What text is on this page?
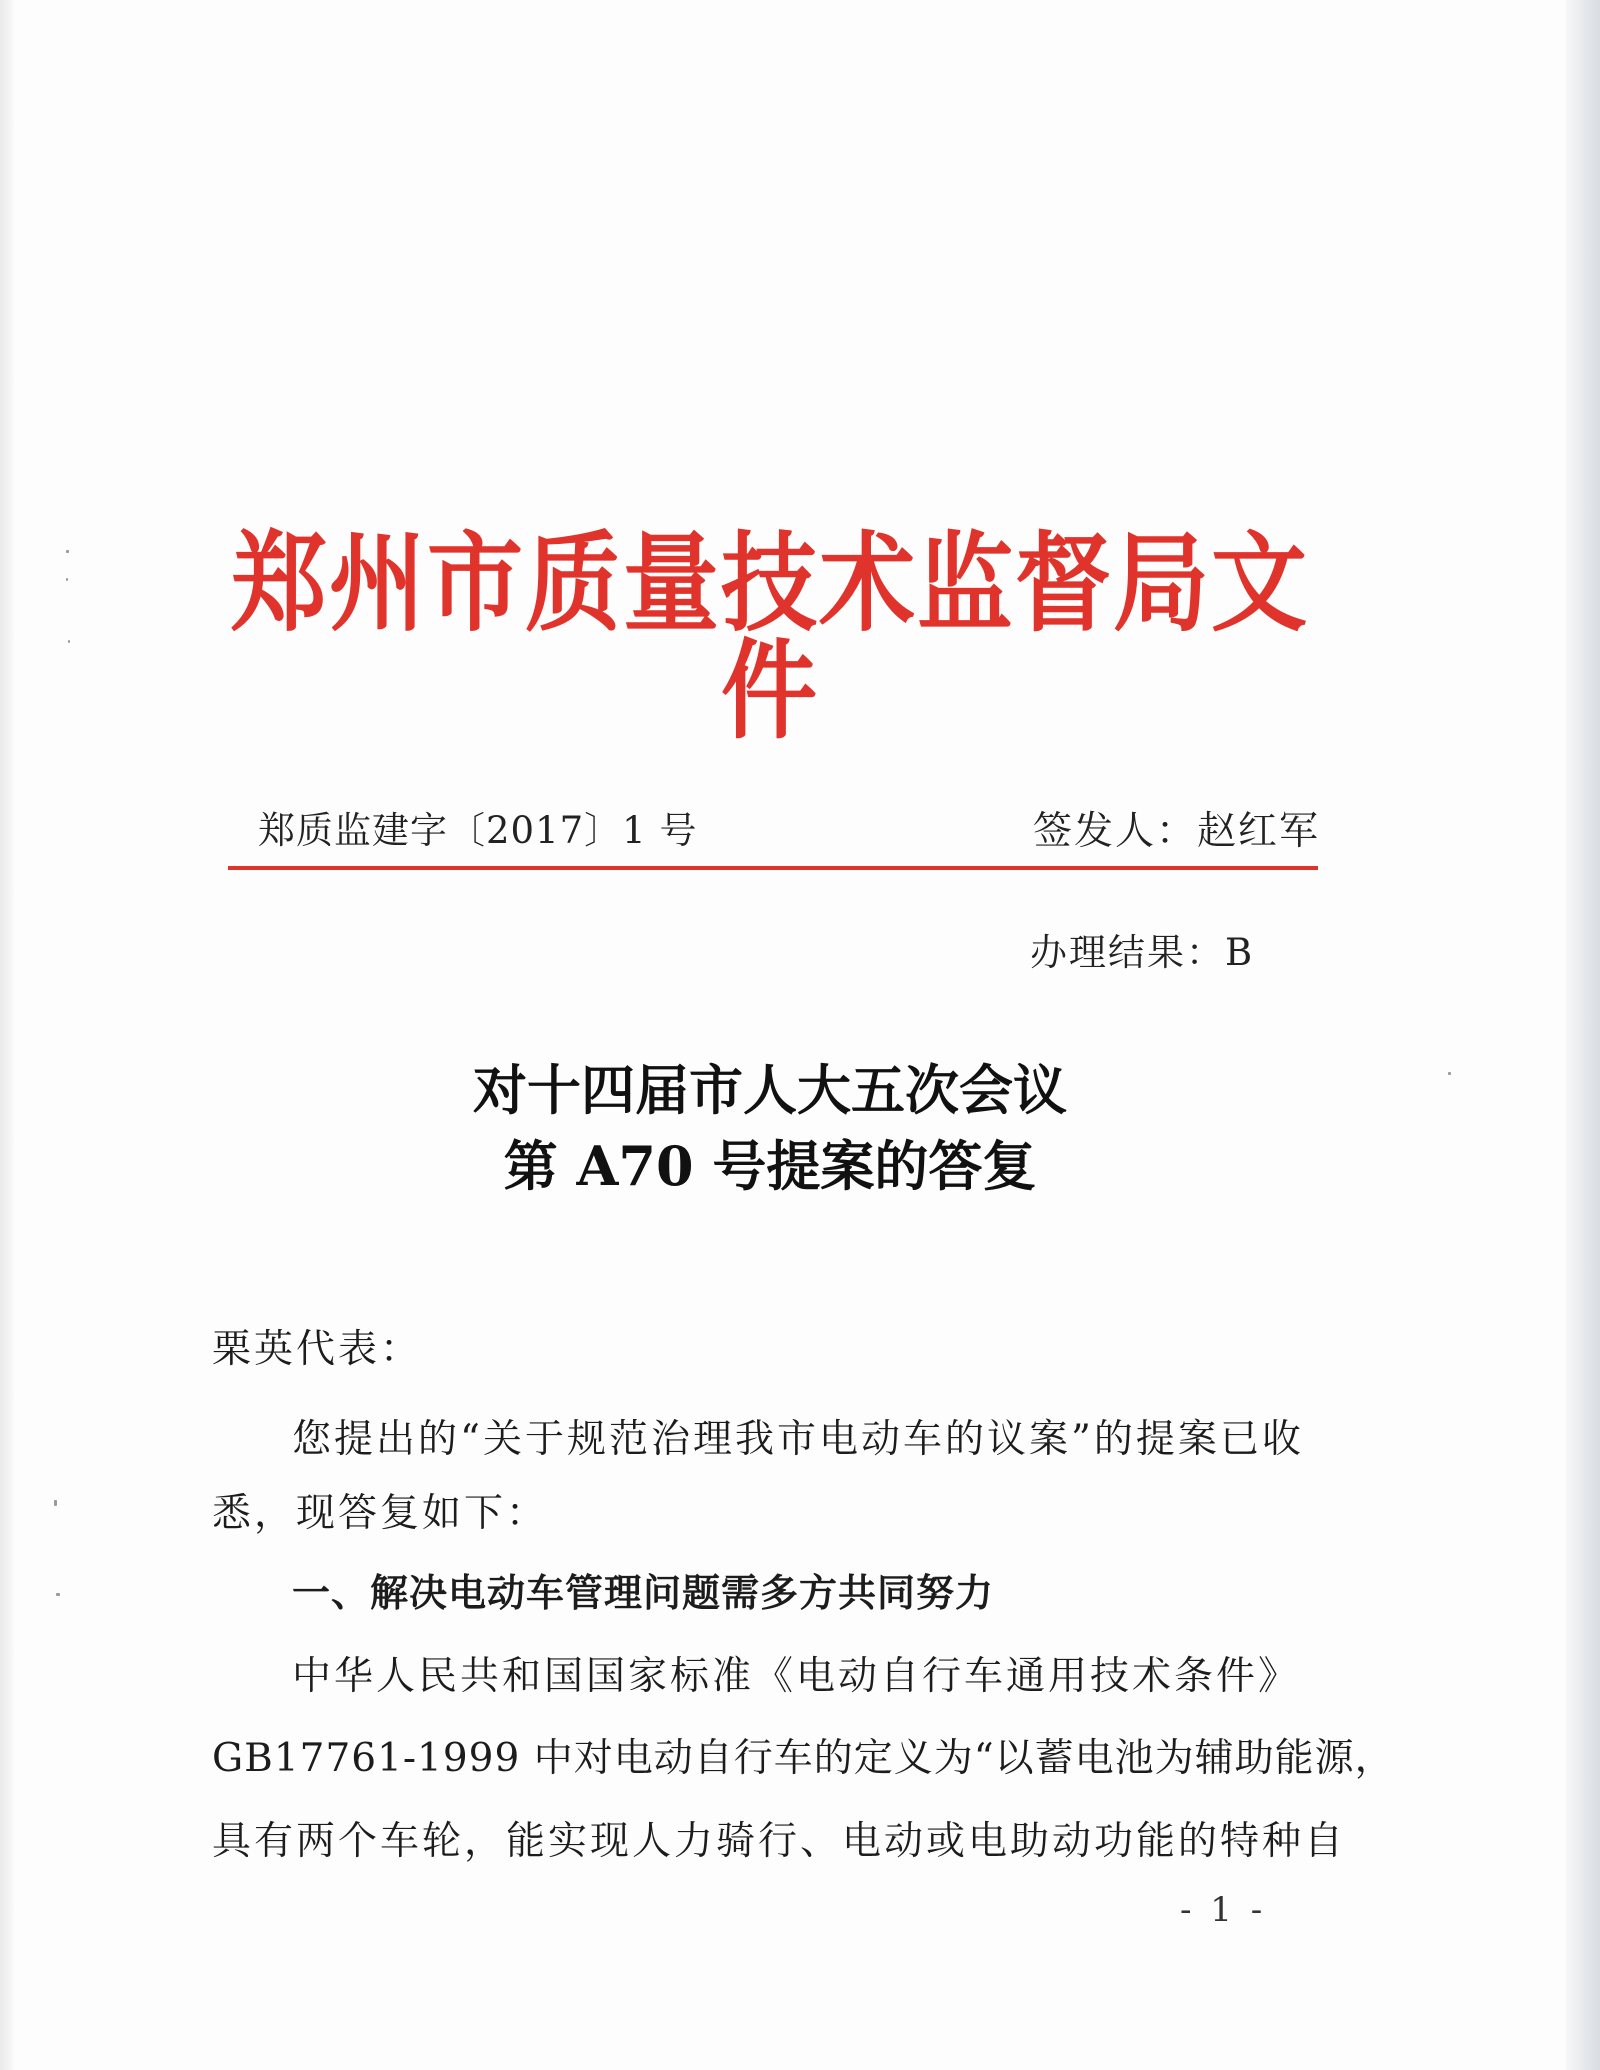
郑州市质量技术监督局文件
郑质监建字〔2017〕1 号	签发人：赵红军
办理结果：B
对十四届市人大五次会议
第 A70 号提案的答复
栗英代表：
您提出的“关于规范治理我市电动车的议案”的提案已收
悉，现答复如下：
一、解决电动车管理问题需多方共同努力
中华人民共和国国家标准《电动自行车通用技术条件》
GB17761-1999 中对电动自行车的定义为“以蓄电池为辅助能源，
具有两个车轮，能实现人力骑行、电动或电助动功能的特种自
- 1 -
